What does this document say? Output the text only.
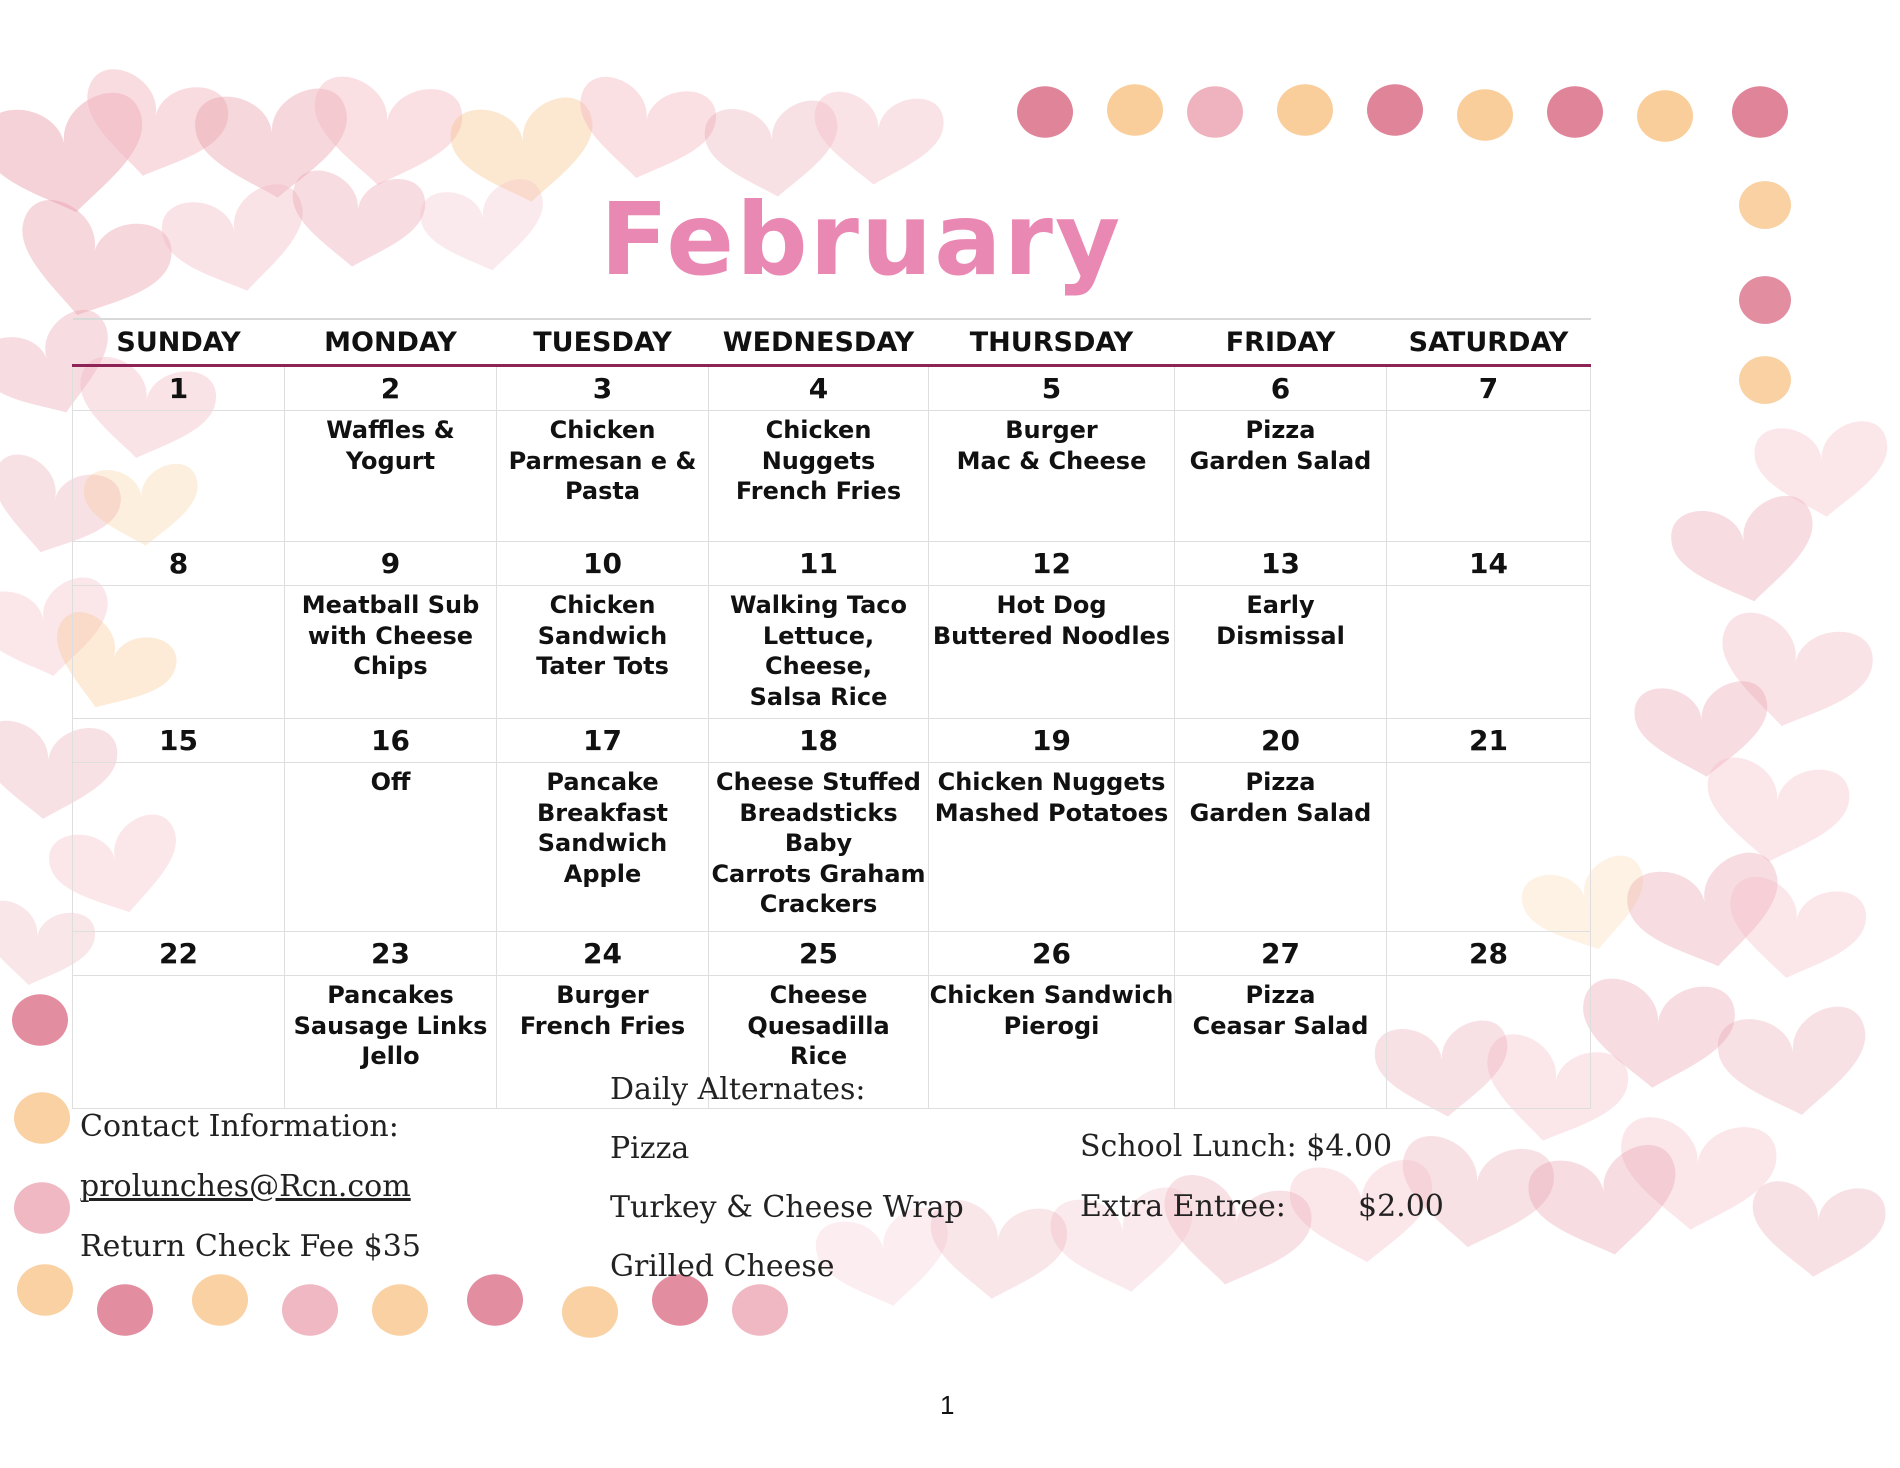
February
SUNDAY	MONDAY	TUESDAY	WEDNESDAY	THURSDAY	FRIDAY	SATURDAY
1	2	3	4	5	6	7
	Waffles & Yogurt	Chicken
Parmesan e &
Pasta	Chicken Nuggets
French Fries	Burger
Mac & Cheese	Pizza
Garden Salad	
8	9	10	11	12	13	14
	Meatball Sub
with Cheese
Chips	Chicken
Sandwich
Tater Tots	Walking Taco
Lettuce, Cheese,
Salsa Rice	Hot Dog
Buttered Noodles	Early
Dismissal	
15	16	17	18	19	20	21
	Off	Pancake
Breakfast
Sandwich
Apple	Cheese Stuffed
Breadsticks Baby
Carrots Graham
Crackers	Chicken Nuggets
Mashed Potatoes	Pizza
Garden Salad	
22	23	24	25	26	27	28
	Pancakes
Sausage Links
Jello	Burger
French Fries	Cheese Quesadilla
Rice	Chicken Sandwich
Pierogi	Pizza
Ceasar Salad	
Contact Information:
prolunches@Rcn.com
Return Check Fee $35
Daily Alternates:
Pizza
Turkey & Cheese Wrap
Grilled Cheese
School Lunch: $4.00
Extra Entree: $2.00
1
